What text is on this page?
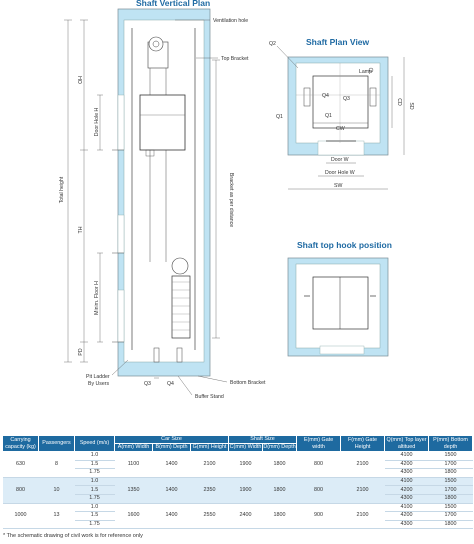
Shaft Vertical Plan
Shaft Plan View
Shaft top hook position
Bracket as per distance
Ventilation hole
Top Bracket
Bottom Bracket
Buffer Stand
Pit Ladder
By Users	Q3	Q4
Total height
OH
TH
PD
Door Hole H
Minim. Floor H
Q2
Lamp
Q4	Q3
Q1	Q1
CW
CD
SD
Door W
Door Hole W
SW
Carrying capacity (kg)	Passengers	Speed (m/s)	Car Size			Shaft Size		E(mm) Gate width	F(mm) Gate Height	Q(mm) Top layer altitued	P(mm) Bottom depth
			A(mm) Width	B(mm) Depth	G(mm) Height	C(mm) Width	D(mm) Depth				
630	8	1.0	1100	1400	2100	1900	1800	800	2100	4100	1500
		1.5								4200	1700
		1.75								4300	1800
800	10	1.0	1350	1400	2350	1900	1800	800	2100	4100	1500
		1.5								4200	1700
		1.75								4300	1800
1000	13	1.0	1600	1400	2550	2400	1800	900	2100	4100	1500
		1.5								4200	1700
		1.75								4300	1800
* The schematic drawing of civil work is for reference only
